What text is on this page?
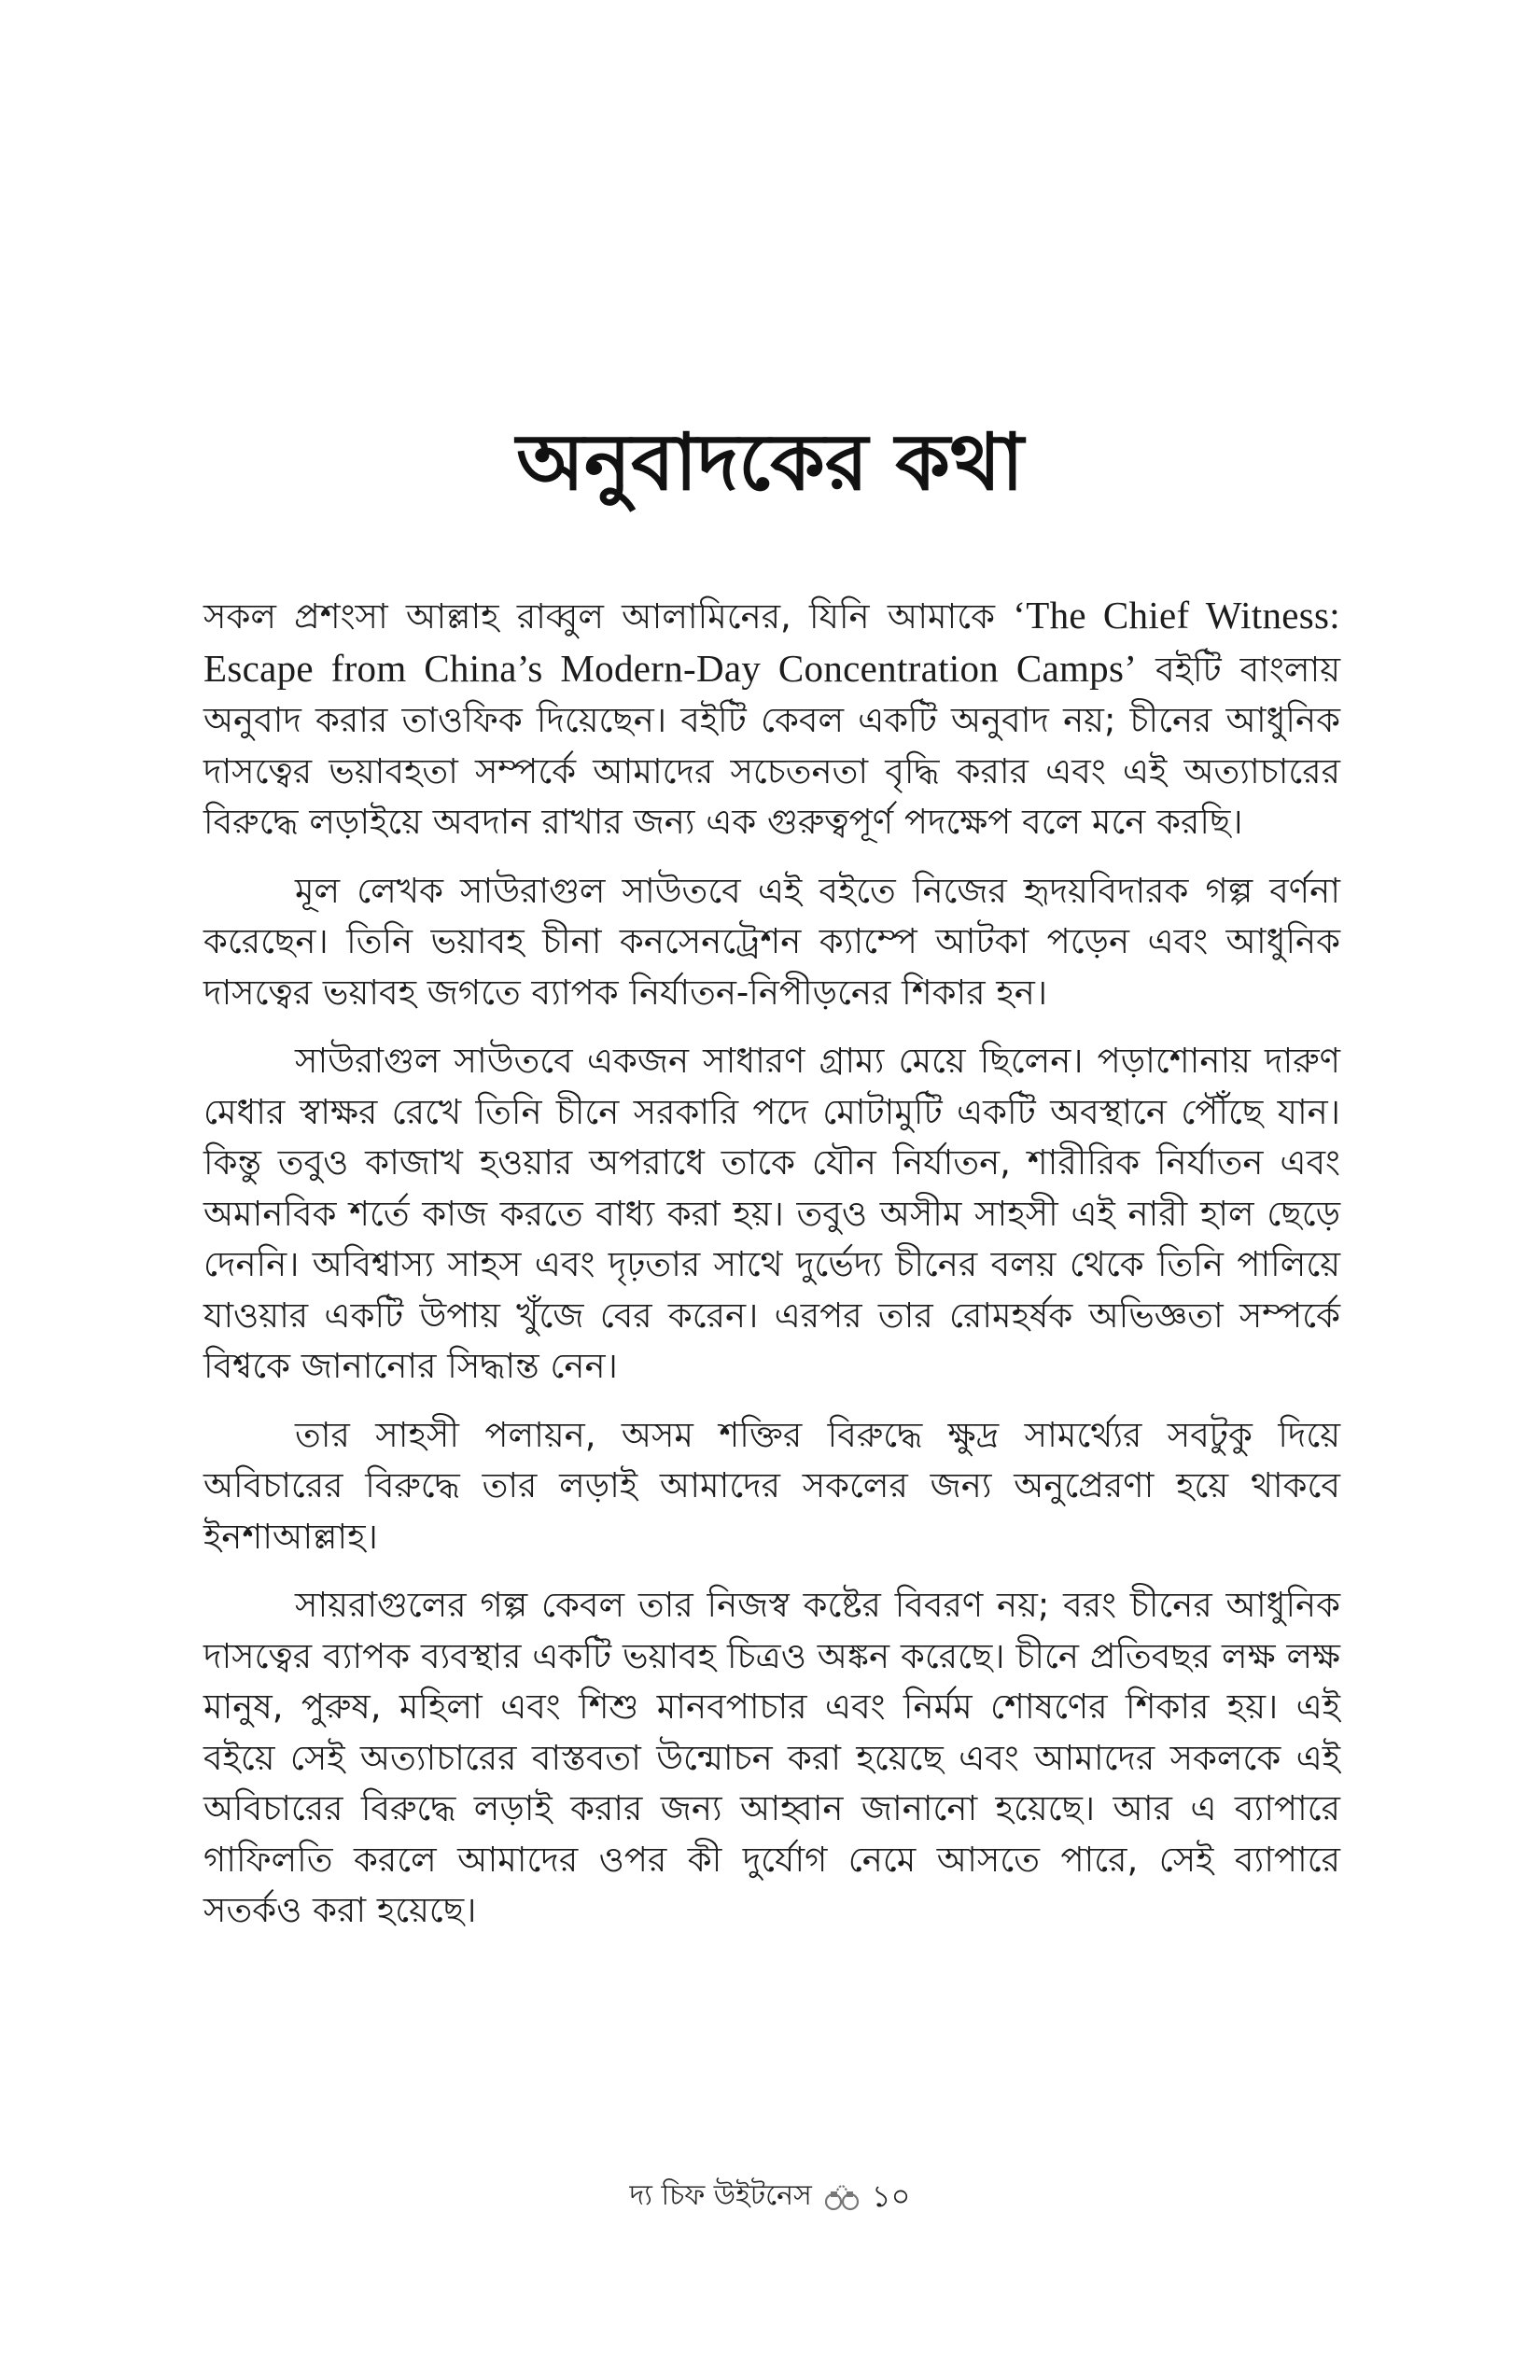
অনুবাদকের কথা

সকল প্রশংসা আল্লাহ রাব্বুল আলামিনের, যিনি আমাকে ‘The Chief Witness: Escape from China’s Modern-Day Concentration Camps’ বইটি বাংলায় অনুবাদ করার তাওফিক দিয়েছেন। বইটি কেবল একটি অনুবাদ নয়; চীনের আধুনিক দাসত্বের ভয়াবহতা সম্পর্কে আমাদের সচেতনতা বৃদ্ধি করার এবং এই অত্যাচারের বিরুদ্ধে লড়াইয়ে অবদান রাখার জন্য এক গুরুত্বপূর্ণ পদক্ষেপ বলে মনে করছি।

মূল লেখক সাউরাগুল সাউতবে এই বইতে নিজের হৃদয়বিদারক গল্প বর্ণনা করেছেন। তিনি ভয়াবহ চীনা কনসেনট্রেশন ক্যাম্পে আটকা পড়েন এবং আধুনিক দাসত্বের ভয়াবহ জগতে ব্যাপক নির্যাতন-নিপীড়নের শিকার হন।

সাউরাগুল সাউতবে একজন সাধারণ গ্রাম্য মেয়ে ছিলেন। পড়াশোনায় দারুণ মেধার স্বাক্ষর রেখে তিনি চীনে সরকারি পদে মোটামুটি একটি অবস্থানে পৌঁছে যান। কিন্তু তবুও কাজাখ হওয়ার অপরাধে তাকে যৌন নির্যাতন, শারীরিক নির্যাতন এবং অমানবিক শর্তে কাজ করতে বাধ্য করা হয়। তবুও অসীম সাহসী এই নারী হাল ছেড়ে দেননি। অবিশ্বাস্য সাহস এবং দৃঢ়তার সাথে দুর্ভেদ্য চীনের বলয় থেকে তিনি পালিয়ে যাওয়ার একটি উপায় খুঁজে বের করেন। এরপর তার রোমহর্ষক অভিজ্ঞতা সম্পর্কে বিশ্বকে জানানোর সিদ্ধান্ত নেন।

তার সাহসী পলায়ন, অসম শক্তির বিরুদ্ধে ক্ষুদ্র সামর্থ্যের সবটুকু দিয়ে অবিচারের বিরুদ্ধে তার লড়াই আমাদের সকলের জন্য অনুপ্রেরণা হয়ে থাকবে ইনশাআল্লাহ।

সায়রাগুলের গল্প কেবল তার নিজস্ব কষ্টের বিবরণ নয়; বরং চীনের আধুনিক দাসত্বের ব্যাপক ব্যবস্থার একটি ভয়াবহ চিত্রও অঙ্কন করেছে। চীনে প্রতিবছর লক্ষ লক্ষ মানুষ, পুরুষ, মহিলা এবং শিশু মানবপাচার এবং নির্মম শোষণের শিকার হয়। এই বইয়ে সেই অত্যাচারের বাস্তবতা উন্মোচন করা হয়েছে এবং আমাদের সকলকে এই অবিচারের বিরুদ্ধে লড়াই করার জন্য আহ্বান জানানো হয়েছে। আর এ ব্যাপারে গাফিলতি করলে আমাদের ওপর কী দুর্যোগ নেমে আসতে পারে, সেই ব্যাপারে সতর্কও করা হয়েছে।

দ্য চিফ উইটনেস ১০
